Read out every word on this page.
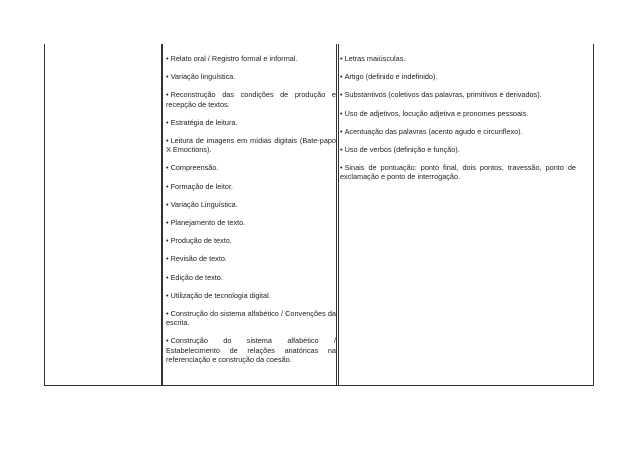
• Relato oral / Registro formal e informal.
• Variação linguística.
• Reconstrução das condições de produção e recepção de textos.
• Estratégia de leitura.
• Leitura de imagens em mídias digitais (Bate-papo X Emoctions).
• Compreensão.
• Formação de leitor.
• Variação Linguística.
• Planejamento de texto.
• Produção de texto.
• Revisão de texto.
• Edição de texto.
• Utilização de tecnologia digital.
• Construção do sistema alfabético / Convenções da escrita.
• Construção do sistema alfabético / Estabelecimento de relações anatóricas na referenciação e construção da coesão.
• Letras maiúsculas.
• Artigo (definido e indefinido).
• Substantivos (coletivos das palavras, primitivos e derivados).
• Uso de adjetivos, locução adjetiva e pronomes pessoais.
• Acentuação das palavras (acento agudo e circunflexo).
• Uso de verbos (definição e função).
• Sinais de pontuação: ponto final, dois pontos, travessão, ponto de exclamação e ponto de interrogação.
